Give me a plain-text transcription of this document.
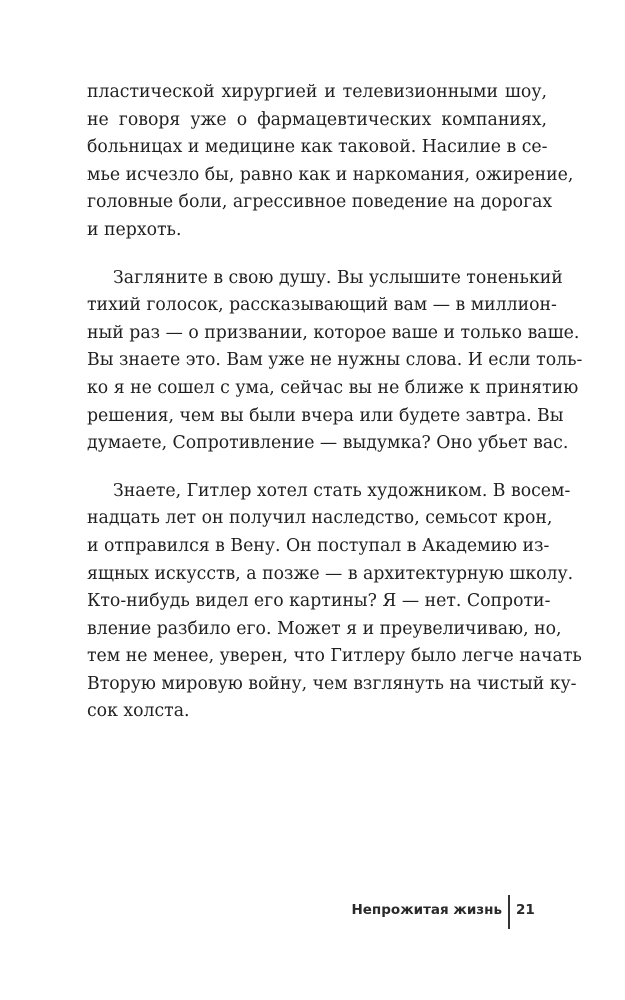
пластической хирургией и телевизионными шоу,
не говоря уже о фармацевтических компаниях,
больницах и медицине как таковой. Насилие в се-
мье исчезло бы, равно как и наркомания, ожирение,
головные боли, агрессивное поведение на дорогах
и перхоть.
Загляните в свою душу. Вы услышите тоненький
тихий голосок, рассказывающий вам — в миллион-
ный раз — о призвании, которое ваше и только ваше.
Вы знаете это. Вам уже не нужны слова. И если толь-
ко я не сошел с ума, сейчас вы не ближе к принятию
решения, чем вы были вчера или будете завтра. Вы
думаете, Сопротивление — выдумка? Оно убьет вас.
Знаете, Гитлер хотел стать художником. В восем-
надцать лет он получил наследство, семьсот крон,
и отправился в Вену. Он поступал в Академию из-
ящных искусств, а позже — в архитектурную школу.
Кто-нибудь видел его картины? Я — нет. Сопроти-
вление разбило его. Может я и преувеличиваю, но,
тем не менее, уверен, что Гитлеру было легче начать
Вторую мировую войну, чем взглянуть на чистый ку-
сок холста.
Непрожитая жизнь 21
